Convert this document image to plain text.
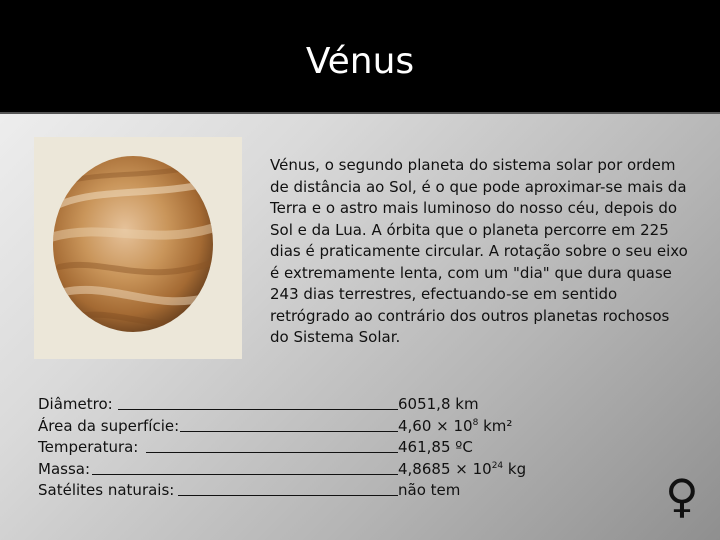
Vénus
Vénus, o segundo planeta do sistema solar por ordem de distância ao Sol, é o que pode aproximar-se mais da Terra e o astro mais luminoso do nosso céu, depois do Sol e da Lua. A órbita que o planeta percorre em 225 dias é praticamente circular. A rotação sobre o seu eixo é extremamente lenta, com um "dia" que dura quase 243 dias terrestres, efectuando-se em sentido retrógrado ao contrário dos outros planetas rochosos do Sistema Solar.
Diâmetro:	6051,8 km
Área da superfície:	$4,60 \times 10^8$ km²
Temperatura:	461,85 ºC
Massa:	$4,8685 \times 10^{24}$ kg
Satélites naturais:	não tem	♀
